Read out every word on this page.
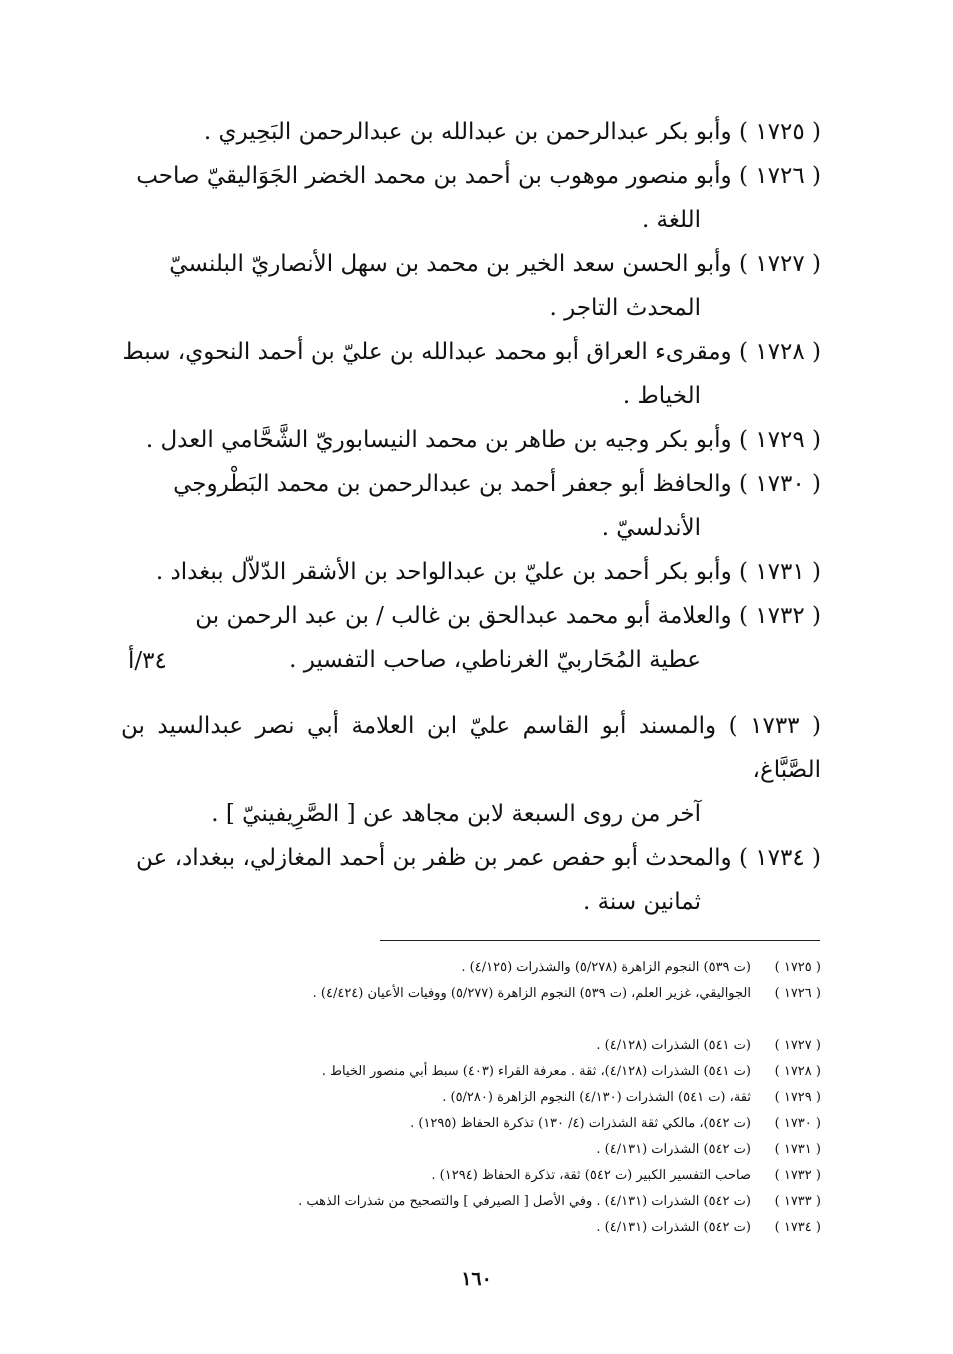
( ١٧٢٥ ) وأبو بكر عبدالرحمن بن عبدالله بن عبدالرحمن البَحِيري .
( ١٧٢٦ ) وأبو منصور موهوب بن أحمد بن محمد الخضر الجَوَاليقيّ صاحب
اللغة .
( ١٧٢٧ ) وأبو الحسن سعد الخير بن محمد بن سهل الأنصاريّ البلنسيّ
المحدث التاجر .
( ١٧٢٨ ) ومقرىء العراق أبو محمد عبدالله بن عليّ بن أحمد النحوي، سبط
الخياط .
( ١٧٢٩ ) وأبو بكر وجيه بن طاهر بن محمد النيسابوريّ الشَّحَّامي العدل .
( ١٧٣٠ ) والحافظ أبو جعفر أحمد بن عبدالرحمن بن محمد البَطْروجي
الأندلسيّ .
( ١٧٣١ ) وأبو بكر أحمد بن عليّ بن عبدالواحد بن الأشقر الدّلاّل ببغداد .
( ١٧٣٢ ) والعلامة أبو محمد عبدالحق بن غالب / بن عبد الرحمن بن
عطية المُحَاربيّ الغرناطي، صاحب التفسير .
( ١٧٣٣ ) والمسند أبو القاسم عليّ ابن العلامة أبي نصر عبدالسيد بن الصَّبَّاغ،
آخر من روى السبعة لابن مجاهد عن [ الصَّرِيفينيّ ] .
( ١٧٣٤ ) والمحدث أبو حفص عمر بن ظفر بن أحمد المغازلي، ببغداد، عن
ثمانين سنة .
٣٤/أ
( ١٧٢٥ )
(ت ٥٣٩) النجوم الزاهرة (٥/٢٧٨) والشذرات (٤/١٢٥) .
( ١٧٢٦ )
الجواليقي، غزير العلم، (ت ٥٣٩) النجوم الزاهرة (٥/٢٧٧) ووفيات الأعيان (٤/٤٢٤) .
( ١٧٢٧ )
(ت ٥٤١) الشذرات (٤/١٢٨) .
( ١٧٢٨ )
(ت ٥٤١) الشذرات (٤/١٢٨)، ثقة . معرفة القراء (٤٠٣) سبط أبي منصور الخياط .
( ١٧٢٩ )
ثقة، (ت ٥٤١) الشذرات (٤/١٣٠) النجوم الزاهرة (٥/٢٨٠) .
( ١٧٣٠ )
(ت ٥٤٢)، مالكي ثقة الشذرات (٤/ ١٣٠) تذكرة الحفاظ (١٢٩٥) .
( ١٧٣١ )
(ت ٥٤٢) الشذرات (٤/١٣١) .
( ١٧٣٢ )
صاحب التفسير الكبير (ت ٥٤٢) ثقة، تذكرة الحفاظ (١٢٩٤) .
( ١٧٣٣ )
(ت ٥٤٢) الشذرات (٤/١٣١) . وفي الأصل [ الصيرفي ] والتصحيح من شذرات الذهب .
( ١٧٣٤ )
(ت ٥٤٢) الشذرات (٤/١٣١) .
١٦٠
